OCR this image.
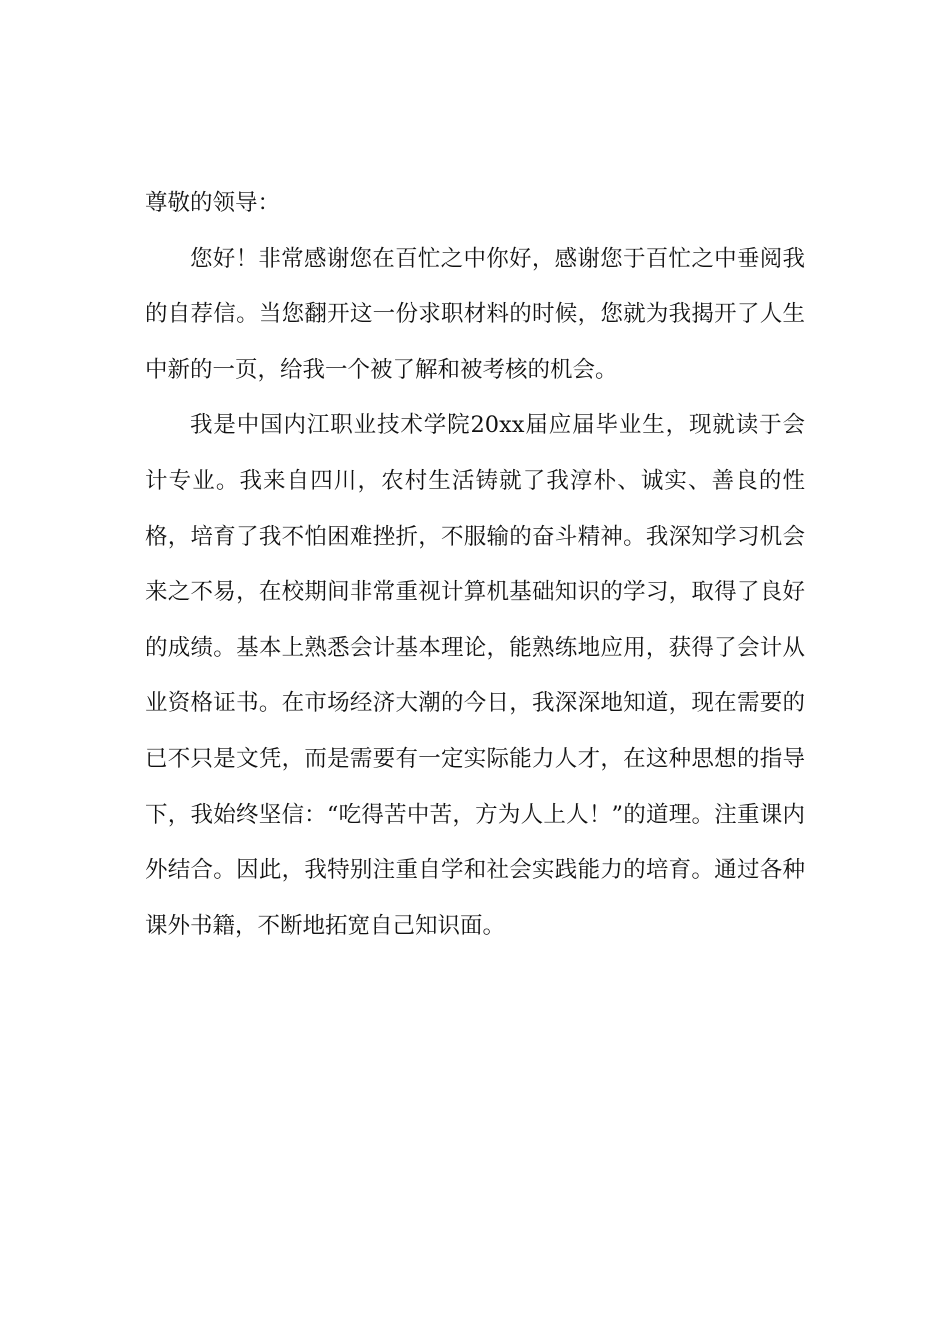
尊敬的领导：

您好！非常感谢您在百忙之中你好，感谢您于百忙之中垂阅我的自荐信。当您翻开这一份求职材料的时候，您就为我揭开了人生中新的一页，给我一个被了解和被考核的机会。

我是中国内江职业技术学院20xx届应届毕业生，现就读于会计专业。我来自四川，农村生活铸就了我淳朴、诚实、善良的性格，培育了我不怕困难挫折，不服输的奋斗精神。我深知学习机会来之不易，在校期间非常重视计算机基础知识的学习，取得了良好的成绩。基本上熟悉会计基本理论，能熟练地应用，获得了会计从业资格证书。在市场经济大潮的今日，我深深地知道，现在需要的已不只是文凭，而是需要有一定实际能力人才，在这种思想的指导下，我始终坚信：“吃得苦中苦，方为人上人！”的道理。注重课内外结合。因此，我特别注重自学和社会实践能力的培育。通过各种课外书籍，不断地拓宽自己知识面。
